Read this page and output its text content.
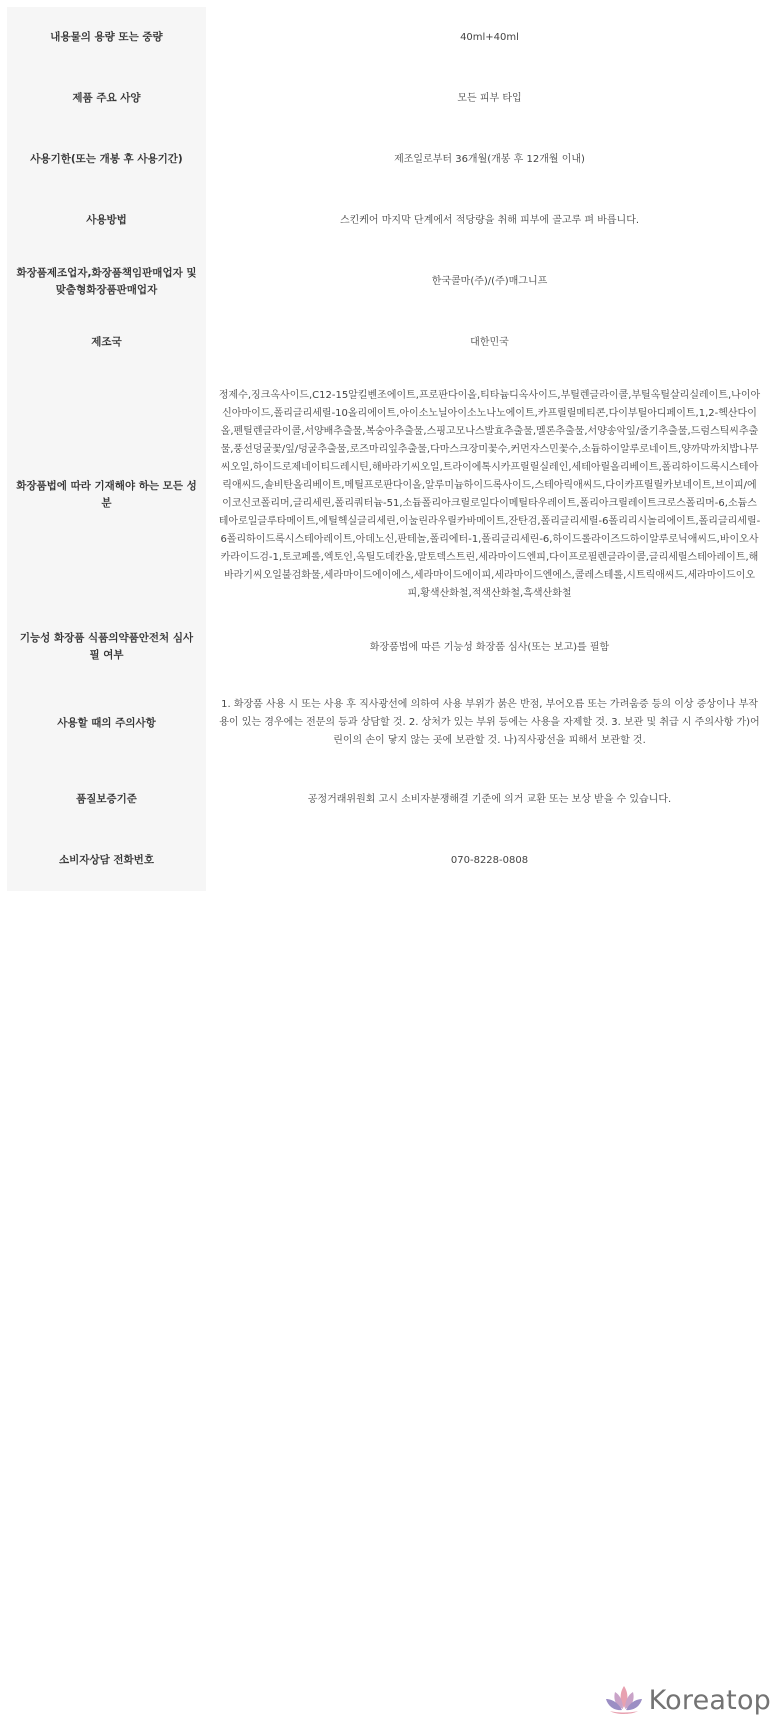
내용물의 용량 또는 중량	40ml+40ml
제품 주요 사양	모든 피부 타입
사용기한(또는 개봉 후 사용기간)	제조일로부터 36개월(개봉 후 12개월 이내)
사용방법	스킨케어 마지막 단계에서 적당량을 취해 피부에 골고루 펴 바릅니다.
화장품제조업자,화장품책임판매업자 및 맞춤형화장품판매업자	한국콜마(주)/(주)매그니프
제조국	대한민국
화장품법에 따라 기재해야 하는 모든 성분	정제수,징크옥사이드,C12-15알킬벤조에이트,프로판다이올,티타늄디옥사이드,부틸렌글라이콜,부틸옥틸살리실레이트,나이아신아마이드,폴리글리세릴-10올리에이트,아이소노닐아이소노나노에이트,카프릴릴메티콘,다이부틸아디페이트,1,2-헥산다이올,펜틸렌글라이콜,서양배추출물,복숭아추출물,스핑고모나스발효추출물,멜론추출물,서양송악잎/줄기추출물,드럼스틱씨추출물,풍선덩굴꽃/잎/덩굴추출물,로즈마리잎추출물,다마스크장미꽃수,커먼자스민꽃수,소듐하이알루로네이트,양까막까치밥나무씨오일,하이드로제네이티드레시틴,해바라기씨오일,트라이에톡시카프릴릴실레인,세테아릴올리베이트,폴리하이드록시스테아릭애씨드,솔비탄올리베이트,메틸프로판다이올,알루미늄하이드록사이드,스테아릭애씨드,다이카프릴릴카보네이트,브이피/에이코신코폴리머,글리세린,폴리쿼터늄-51,소듐폴리아크릴로일다이메틸타우레이트,폴리아크릴레이트크로스폴리머-6,소듐스테아로일글루타메이트,에틸헥실글리세린,이눌린라우릴카바메이트,잔탄검,폴리글리세릴-6폴리리시놀리에이트,폴리글리세릴-6폴리하이드록시스테아레이트,아데노신,판테놀,폴리에터-1,폴리글리세린-6,하이드롤라이즈드하이알루로닉애씨드,바이오사카라이드검-1,토코페롤,엑토인,옥틸도데칸올,말토덱스트린,세라마이드엔피,다이프로필렌글라이콜,글리세릴스테아레이트,해바라기씨오일불검화물,세라마이드에이에스,세라마이드에이피,세라마이드엔에스,콜레스테롤,시트릭애씨드,세라마이드이오피,황색산화철,적색산화철,흑색산화철
기능성 화장품 식품의약품안전처 심사 필 여부	화장품법에 따른 기능성 화장품 심사(또는 보고)를 필함
사용할 때의 주의사항	1. 화장품 사용 시 또는 사용 후 직사광선에 의하여 사용 부위가 붉은 반점, 부어오름 또는 가려움증 등의 이상 증상이나 부작용이 있는 경우에는 전문의 등과 상담할 것. 2. 상처가 있는 부위 등에는 사용을 자제할 것. 3. 보관 및 취급 시 주의사항 가)어린이의 손이 닿지 않는 곳에 보관할 것. 나)직사광선을 피해서 보관할 것.
품질보증기준	공정거래위원회 고시 소비자분쟁해결 기준에 의거 교환 또는 보상 받을 수 있습니다.
소비자상담 전화번호	070-8228-0808
Koreatop
